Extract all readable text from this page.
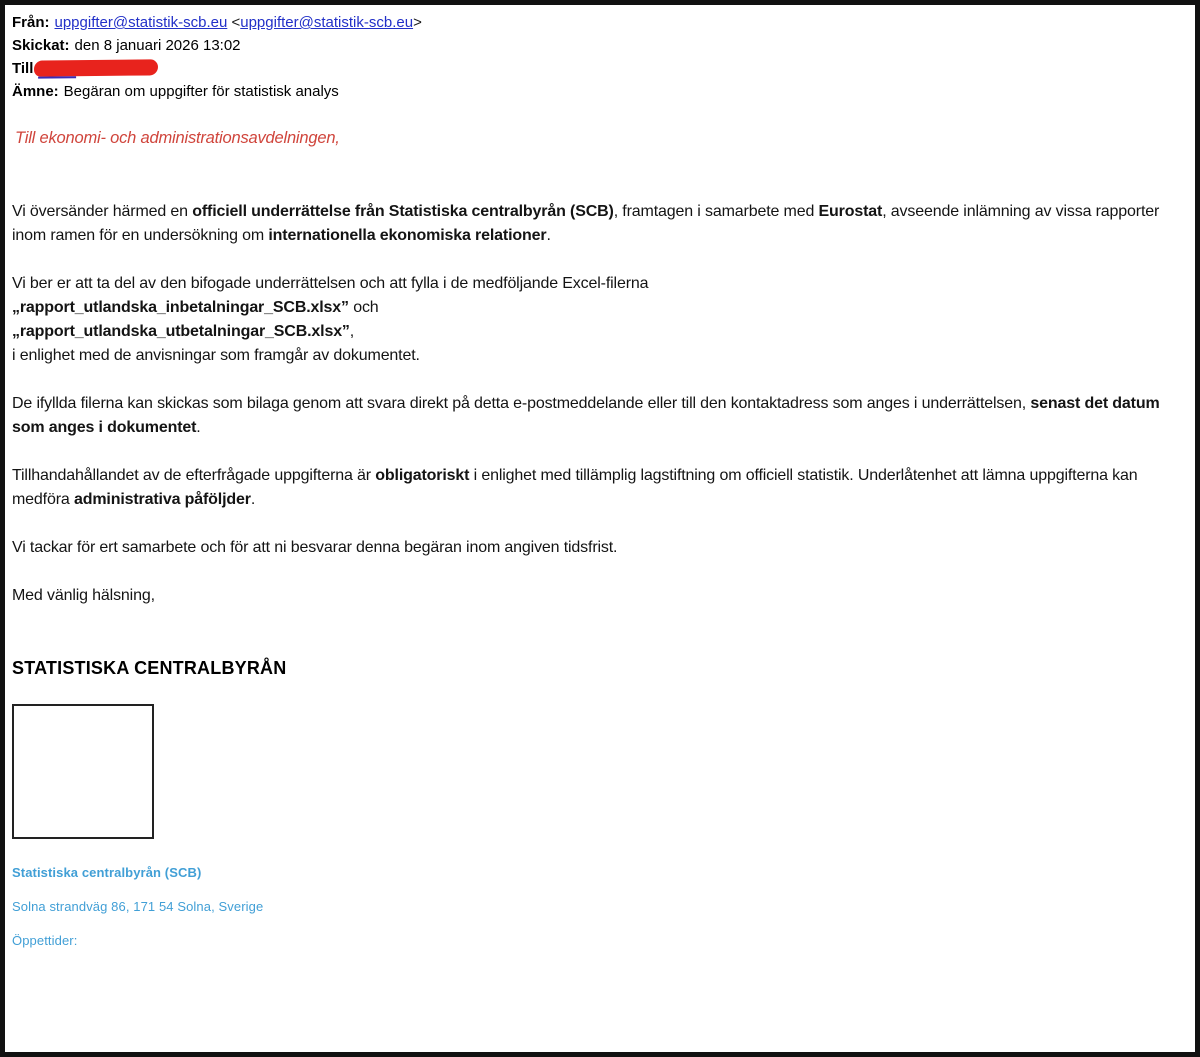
Från: uppgifter@statistik-scb.eu <uppgifter@statistik-scb.eu>
Skickat: den 8 januari 2026 13:02
Till
Ämne: Begäran om uppgifter för statistisk analys
Till ekonomi- och administrationsavdelningen,

Vi översänder härmed en officiell underrättelse från Statistiska centralbyrån (SCB), framtagen i samarbete med Eurostat, avseende inlämning av vissa rapporter inom ramen för en undersökning om internationella ekonomiska relationer.

Vi ber er att ta del av den bifogade underrättelsen och att fylla i de medföljande Excel-filerna
„rapport_utlandska_inbetalningar_SCB.xlsx” och
„rapport_utlandska_utbetalningar_SCB.xlsx”,
i enlighet med de anvisningar som framgår av dokumentet.

De ifyllda filerna kan skickas som bilaga genom att svara direkt på detta e-postmeddelande eller till den kontaktadress som anges i underrättelsen, senast det datum som anges i dokumentet.

Tillhandahållandet av de efterfrågade uppgifterna är obligatoriskt i enlighet med tillämplig lagstiftning om officiell statistik. Underlåtenhet att lämna uppgifterna kan medföra administrativa påföljder.

Vi tackar för ert samarbete och för att ni besvarar denna begäran inom angiven tidsfrist.

Med vänlig hälsning,

STATISTISKA CENTRALBYRÅN

Statistiska centralbyrån (SCB)

Solna strandväg 86, 171 54 Solna, Sverige

Öppettider:
